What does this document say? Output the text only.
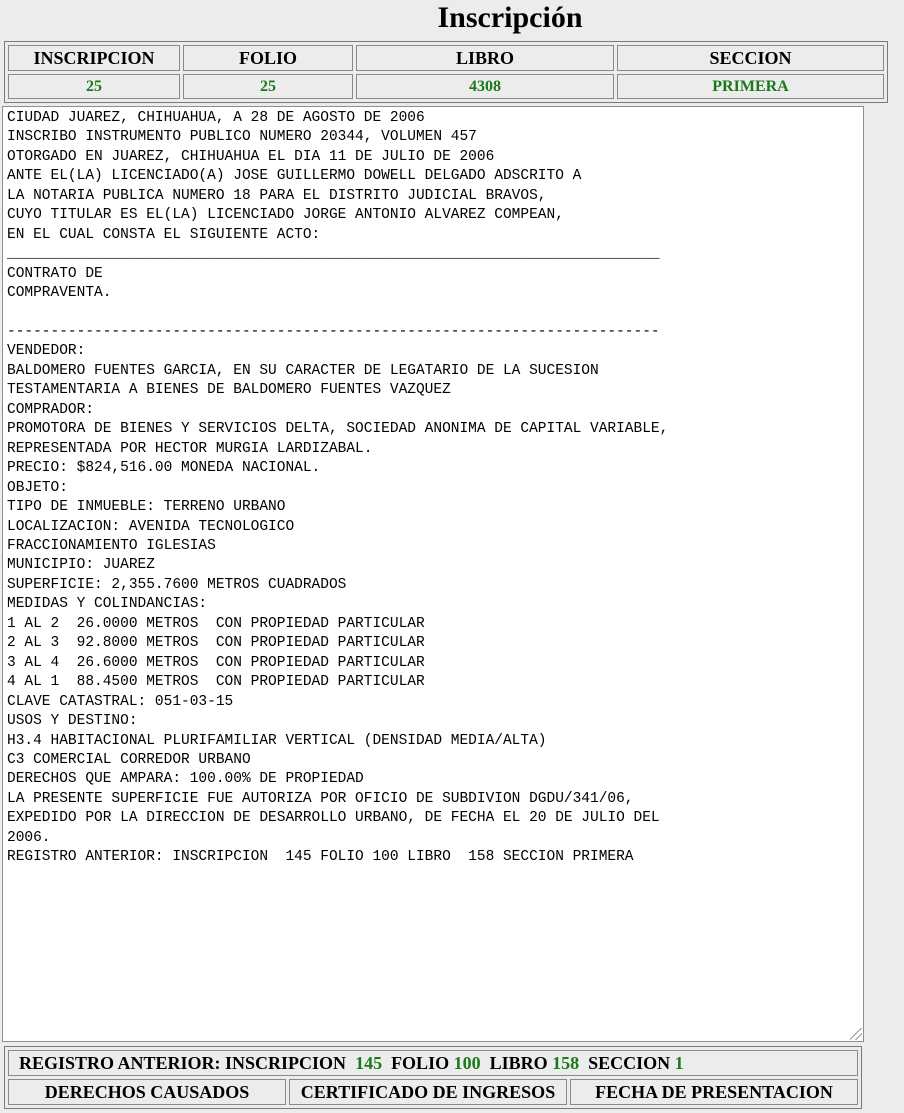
Inscripción
INSCRIPCION	FOLIO	LIBRO	SECCION
25	25	4308	PRIMERA
CIUDAD JUAREZ, CHIHUAHUA, A 28 DE AGOSTO DE 2006
INSCRIBO INSTRUMENTO PUBLICO NUMERO 20344, VOLUMEN 457
OTORGADO EN JUAREZ, CHIHUAHUA EL DIA 11 DE JULIO DE 2006
ANTE EL(LA) LICENCIADO(A) JOSE GUILLERMO DOWELL DELGADO ADSCRITO A
LA NOTARIA PUBLICA NUMERO 18 PARA EL DISTRITO JUDICIAL BRAVOS,
CUYO TITULAR ES EL(LA) LICENCIADO JORGE ANTONIO ALVAREZ COMPEAN,
EN EL CUAL CONSTA EL SIGUIENTE ACTO:
___________________________________________________________________________
CONTRATO DE
COMPRAVENTA.

---------------------------------------------------------------------------
VENDEDOR:
BALDOMERO FUENTES GARCIA, EN SU CARACTER DE LEGATARIO DE LA SUCESION
TESTAMENTARIA A BIENES DE BALDOMERO FUENTES VAZQUEZ
COMPRADOR:
PROMOTORA DE BIENES Y SERVICIOS DELTA, SOCIEDAD ANONIMA DE CAPITAL VARIABLE,
REPRESENTADA POR HECTOR MURGIA LARDIZABAL.
PRECIO: $824,516.00 MONEDA NACIONAL.
OBJETO:
TIPO DE INMUEBLE: TERRENO URBANO
LOCALIZACION: AVENIDA TECNOLOGICO
FRACCIONAMIENTO IGLESIAS
MUNICIPIO: JUAREZ
SUPERFICIE: 2,355.7600 METROS CUADRADOS
MEDIDAS Y COLINDANCIAS:
1 AL 2  26.0000 METROS  CON PROPIEDAD PARTICULAR
2 AL 3  92.8000 METROS  CON PROPIEDAD PARTICULAR
3 AL 4  26.6000 METROS  CON PROPIEDAD PARTICULAR
4 AL 1  88.4500 METROS  CON PROPIEDAD PARTICULAR
CLAVE CATASTRAL: 051-03-15
USOS Y DESTINO:
H3.4 HABITACIONAL PLURIFAMILIAR VERTICAL (DENSIDAD MEDIA/ALTA)
C3 COMERCIAL CORREDOR URBANO
DERECHOS QUE AMPARA: 100.00% DE PROPIEDAD
LA PRESENTE SUPERFICIE FUE AUTORIZA POR OFICIO DE SUBDIVION DGDU/341/06,
EXPEDIDO POR LA DIRECCION DE DESARROLLO URBANO, DE FECHA EL 20 DE JULIO DEL
2006.
REGISTRO ANTERIOR: INSCRIPCION  145 FOLIO 100 LIBRO  158 SECCION PRIMERA
REGISTRO ANTERIOR: INSCRIPCION 145 FOLIO 100 LIBRO 158 SECCION 1
DERECHOS CAUSADOS	CERTIFICADO DE INGRESOS	FECHA DE PRESENTACION
